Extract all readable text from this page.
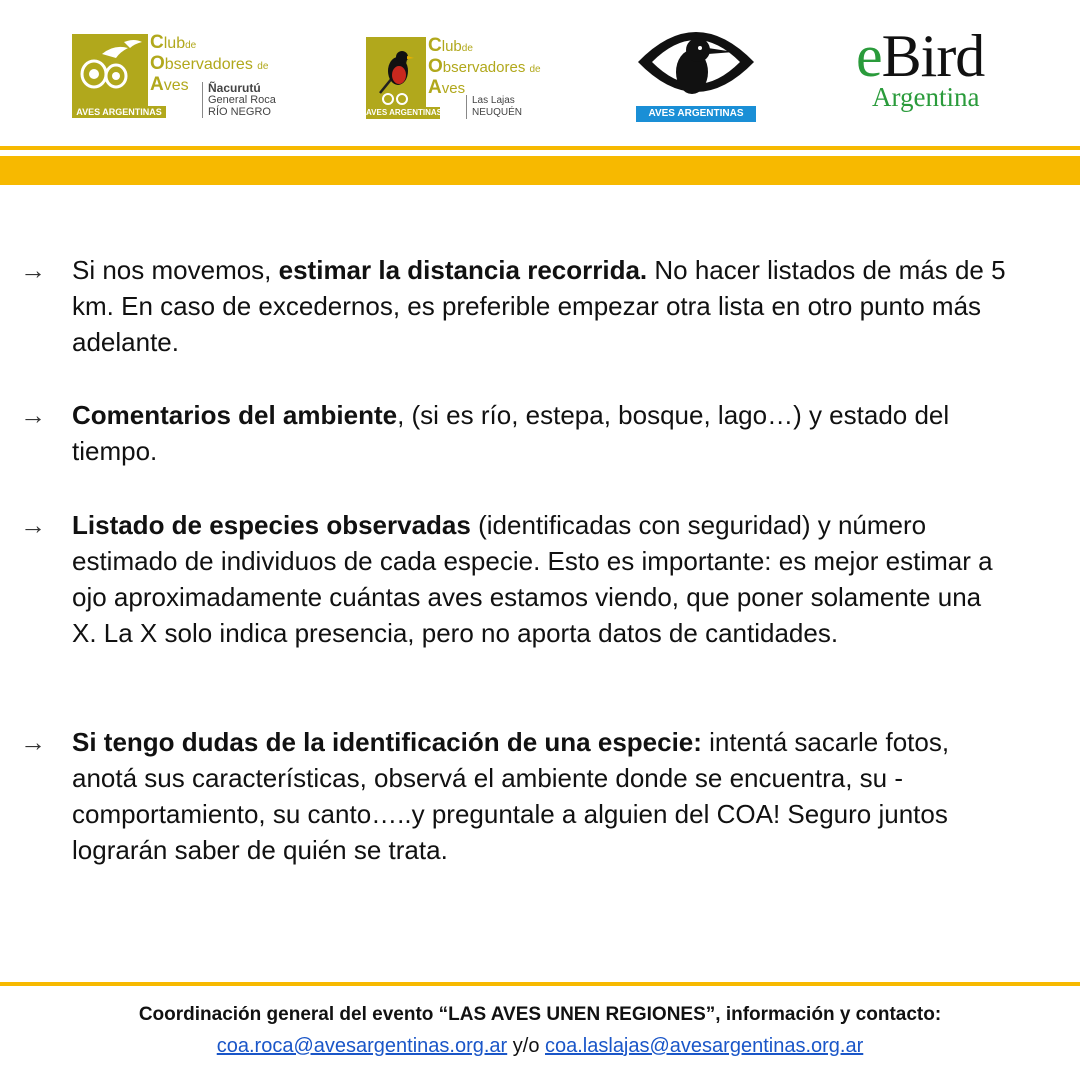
AVES ARGENTINAS
Clubde
Observadores de
Aves	Ñacurutú
General Roca
RÍO NEGRO	AVES ARGENTINAS
Clubde
Observadores de
Aves
Las Lajas
NEUQUÉN	AVES ARGENTINAS
eBird
Argentina
→ Si nos movemos, estimar la distancia recorrida. No hacer listados de más de 5 km. En caso de excedernos, es preferible empezar otra lista en otro punto más adelante.
→ Comentarios del ambiente, (si es río, estepa, bosque, lago…) y estado del tiempo.
→ Listado de especies observadas (identificadas con seguridad) y número estimado de individuos de cada especie. Esto es importante: es mejor estimar a ojo aproximadamente cuántas aves estamos viendo, que poner solamente una X. La X solo indica presencia, pero no aporta datos de cantidades.
→ Si tengo dudas de la identificación de una especie: intentá sacarle fotos, anotá sus características, observá el ambiente donde se encuentra, su - comportamiento, su canto…..y preguntale a alguien del COA! Seguro juntos lograrán saber de quién se trata.
Coordinación general del evento “LAS AVES UNEN REGIONES”, información y contacto:
coa.roca@avesargentinas.org.ar y/o coa.laslajas@avesargentinas.org.ar
